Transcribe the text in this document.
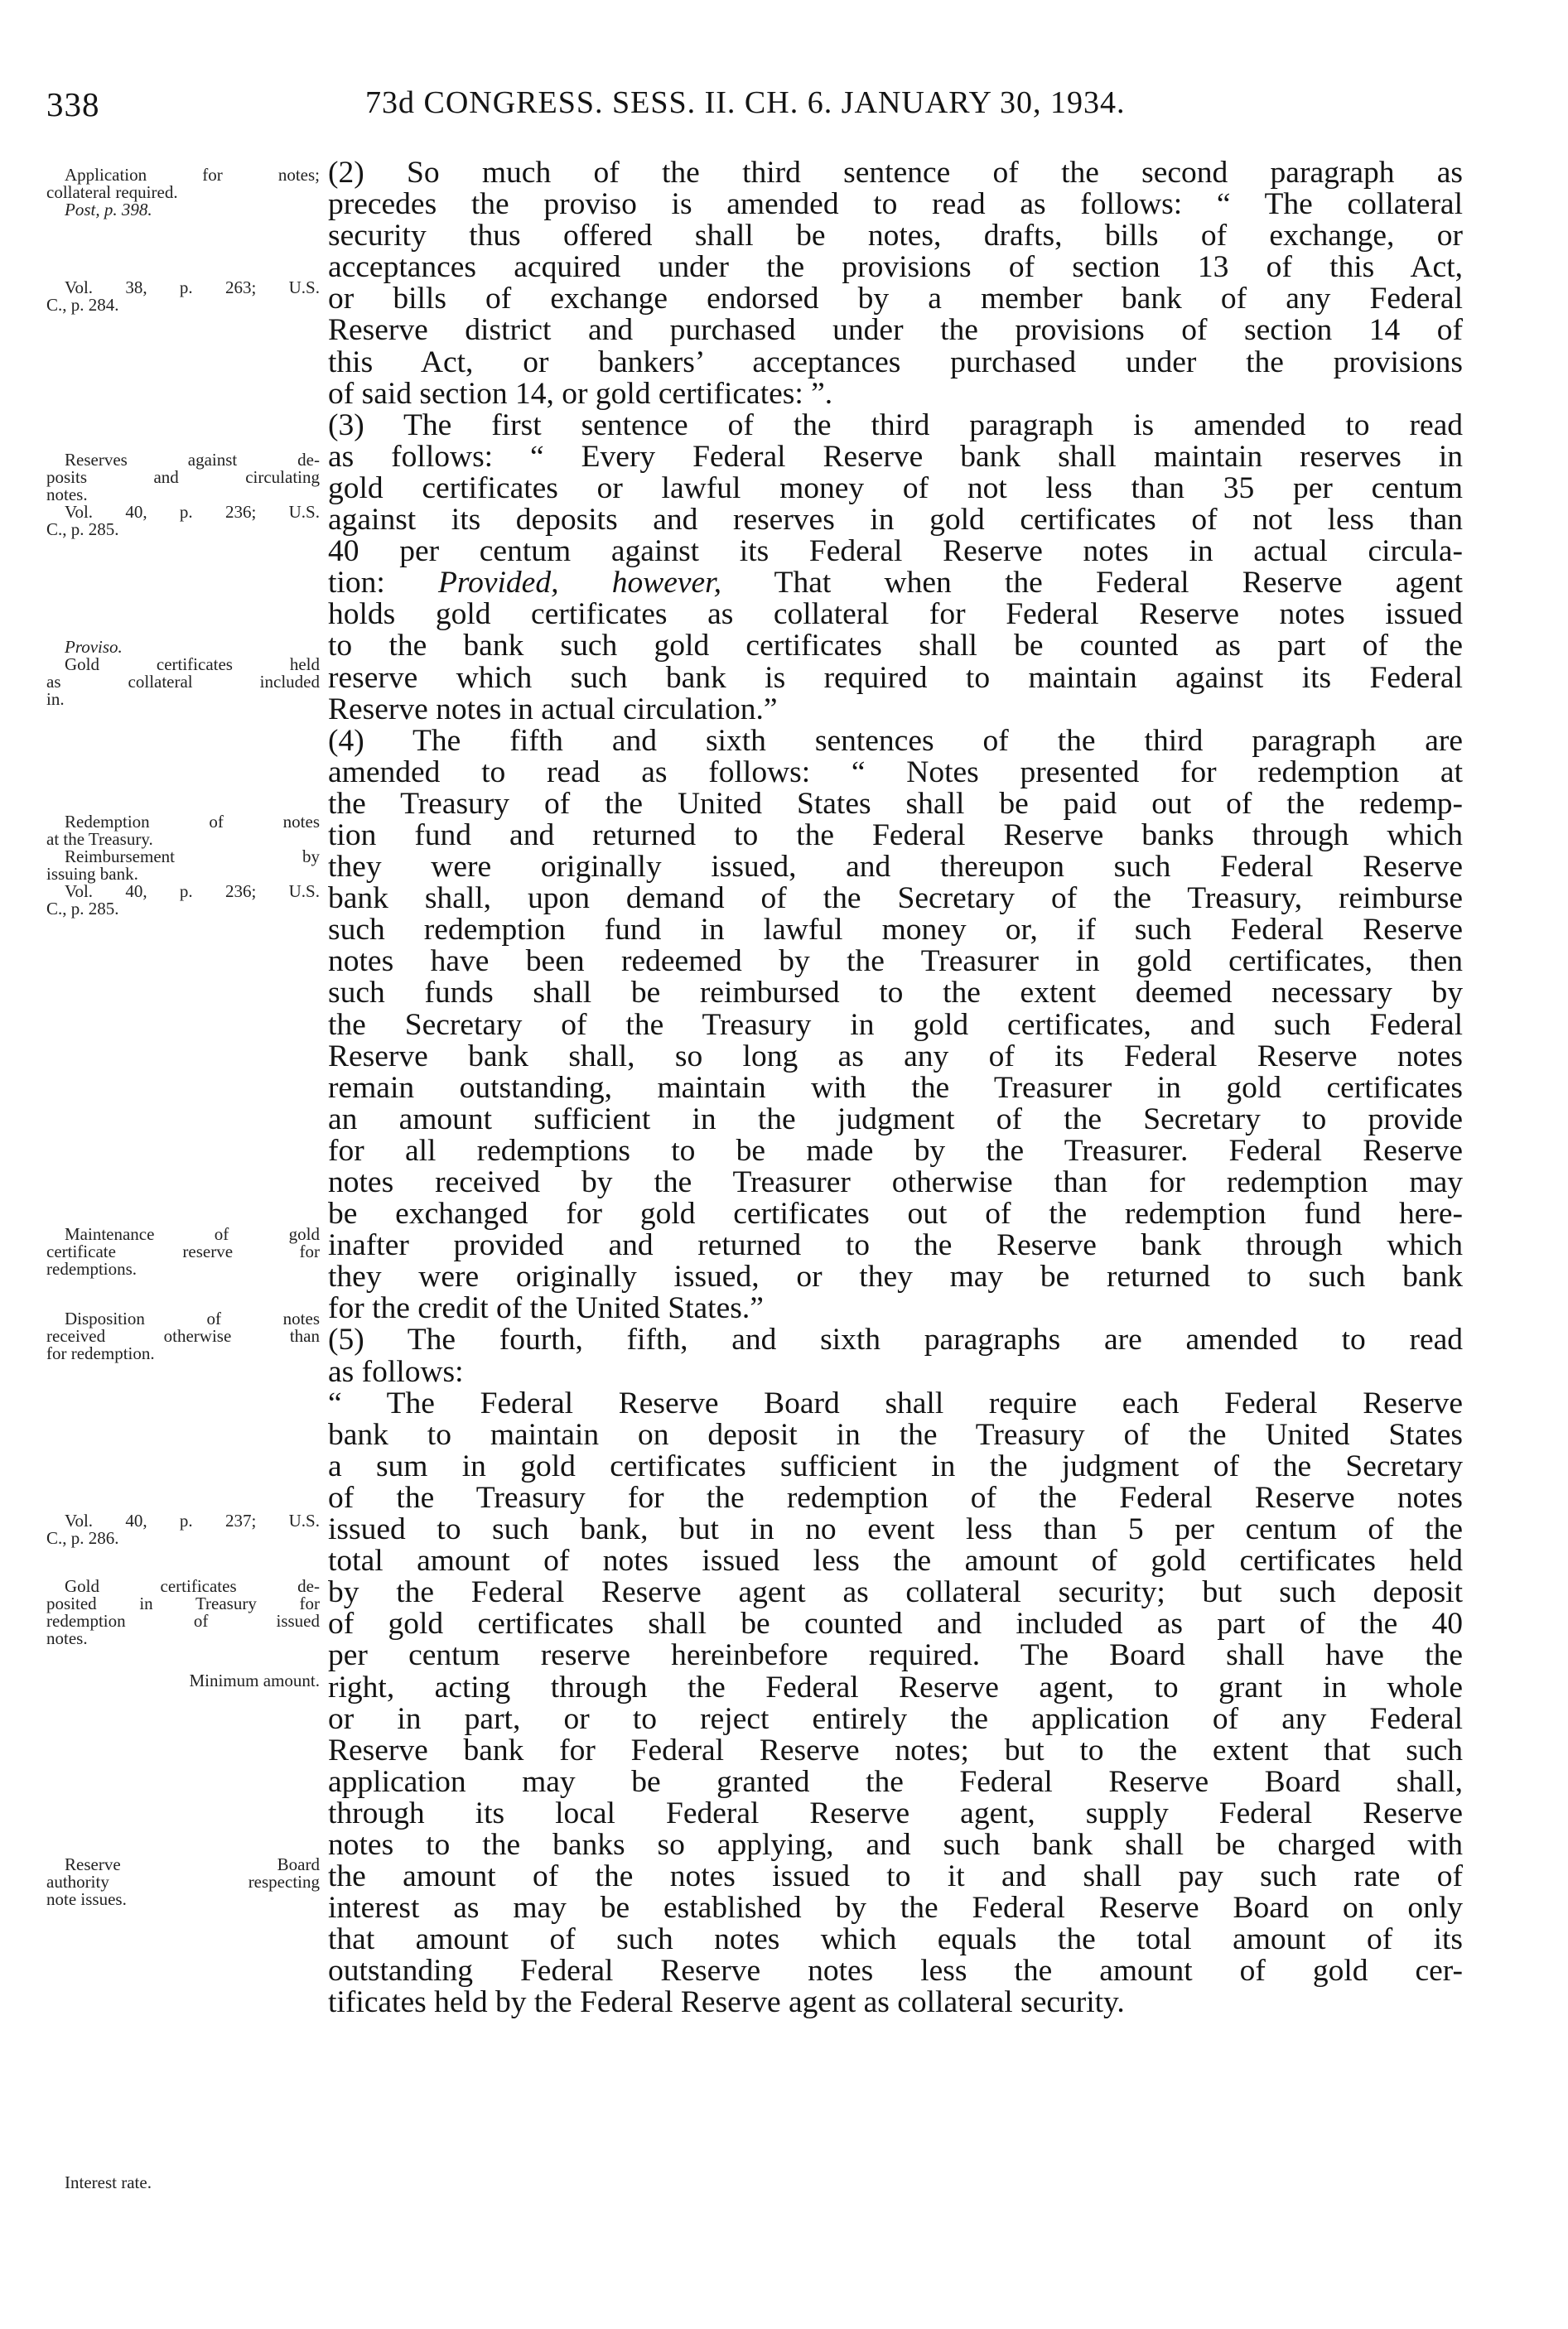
338	73d CONGRESS. SESS. II. CH. 6. JANUARY 30, 1934.
Application for notes;
collateral required.
Post, p. 398.
Vol. 38, p. 263; U.S.
C., p. 284.
Reserves against de-
posits and circulating
notes.
Vol. 40, p. 236; U.S.
C., p. 285.
Proviso.
Gold certificates held
as collateral included
in.
Redemption of notes
at the Treasury.
Reimbursement by
issuing bank.
Vol. 40, p. 236; U.S.
C., p. 285.
Maintenance of gold
certificate reserve for
redemptions.
Disposition of notes
received otherwise than
for redemption.
Vol. 40, p. 237; U.S.
C., p. 286.
Gold certificates de-
posited in Treasury for
redemption of issued
notes.
Minimum amount.
Reserve Board
authority respecting
note issues.
Interest rate.
(2) So much of the third sentence of the second paragraph as
precedes the proviso is amended to read as follows: “ The collateral
security thus offered shall be notes, drafts, bills of exchange, or
acceptances acquired under the provisions of section 13 of this Act,
or bills of exchange endorsed by a member bank of any Federal
Reserve district and purchased under the provisions of section 14 of
this Act, or bankers’ acceptances purchased under the provisions
of said section 14, or gold certificates: ”.
(3) The first sentence of the third paragraph is amended to read
as follows: “ Every Federal Reserve bank shall maintain reserves in
gold certificates or lawful money of not less than 35 per centum
against its deposits and reserves in gold certificates of not less than
40 per centum against its Federal Reserve notes in actual circula-
tion: Provided, however, That when the Federal Reserve agent
holds gold certificates as collateral for Federal Reserve notes issued
to the bank such gold certificates shall be counted as part of the
reserve which such bank is required to maintain against its Federal
Reserve notes in actual circulation.”
(4) The fifth and sixth sentences of the third paragraph are
amended to read as follows: “ Notes presented for redemption at
the Treasury of the United States shall be paid out of the redemp-
tion fund and returned to the Federal Reserve banks through which
they were originally issued, and thereupon such Federal Reserve
bank shall, upon demand of the Secretary of the Treasury, reimburse
such redemption fund in lawful money or, if such Federal Reserve
notes have been redeemed by the Treasurer in gold certificates, then
such funds shall be reimbursed to the extent deemed necessary by
the Secretary of the Treasury in gold certificates, and such Federal
Reserve bank shall, so long as any of its Federal Reserve notes
remain outstanding, maintain with the Treasurer in gold certificates
an amount sufficient in the judgment of the Secretary to provide
for all redemptions to be made by the Treasurer. Federal Reserve
notes received by the Treasurer otherwise than for redemption may
be exchanged for gold certificates out of the redemption fund here-
inafter provided and returned to the Reserve bank through which
they were originally issued, or they may be returned to such bank
for the credit of the United States.”
(5) The fourth, fifth, and sixth paragraphs are amended to read
as follows:
“ The Federal Reserve Board shall require each Federal Reserve
bank to maintain on deposit in the Treasury of the United States
a sum in gold certificates sufficient in the judgment of the Secretary
of the Treasury for the redemption of the Federal Reserve notes
issued to such bank, but in no event less than 5 per centum of the
total amount of notes issued less the amount of gold certificates held
by the Federal Reserve agent as collateral security; but such deposit
of gold certificates shall be counted and included as part of the 40
per centum reserve hereinbefore required. The Board shall have the
right, acting through the Federal Reserve agent, to grant in whole
or in part, or to reject entirely the application of any Federal
Reserve bank for Federal Reserve notes; but to the extent that such
application may be granted the Federal Reserve Board shall,
through its local Federal Reserve agent, supply Federal Reserve
notes to the banks so applying, and such bank shall be charged with
the amount of the notes issued to it and shall pay such rate of
interest as may be established by the Federal Reserve Board on only
that amount of such notes which equals the total amount of its
outstanding Federal Reserve notes less the amount of gold cer-
tificates held by the Federal Reserve agent as collateral security.
